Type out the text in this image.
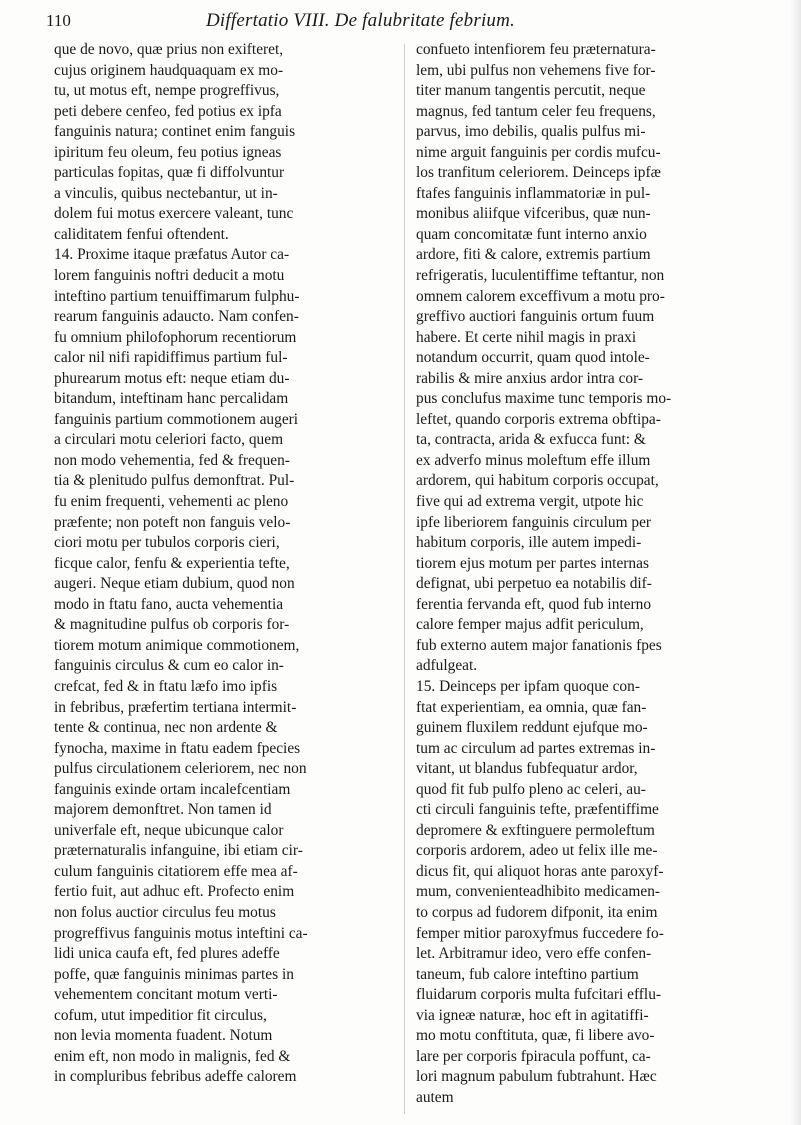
110	Differtatio VIII. De falubritate febrium.
que de novo, quæ prius non exifteret,
cujus originem haudquaquam ex mo-
tu, ut motus eft, nempe progreffivus,
peti debere cenfeo, fed potius ex ipfa
fanguinis natura; continet enim fanguis
ipiritum feu oleum, feu potius igneas
particulas fopitas, quæ fi diffolvuntur
a vinculis, quibus nectebantur, ut in-
dolem fui motus exercere valeant, tunc
caliditatem fenfui oftendent.
14. Proxime itaque præfatus Autor ca-
lorem fanguinis noftri deducit a motu
inteftino partium tenuiffimarum fulphu-
rearum fanguinis adaucto. Nam confen-
fu omnium philofophorum recentiorum
calor nil nifi rapidiffimus partium ful-
phurearum motus eft: neque etiam du-
bitandum, inteftinam hanc percalidam
fanguinis partium commotionem augeri
a circulari motu celeriori facto, quem
non modo vehementia, fed & frequen-
tia & plenitudo pulfus demonftrat. Pul-
fu enim frequenti, vehementi ac pleno
præfente; non poteft non fanguis velo-
ciori motu per tubulos corporis cieri,
ficque calor, fenfu & experientia tefte,
augeri. Neque etiam dubium, quod non
modo in ftatu fano, aucta vehementia
& magnitudine pulfus ob corporis for-
tiorem motum animique commotionem,
fanguinis circulus & cum eo calor in-
crefcat, fed & in ftatu læfo imo ipfis
in febribus, præfertim tertiana intermit-
tente & continua, nec non ardente &
fynocha, maxime in ftatu eadem fpecies
pulfus circulationem celeriorem, nec non
fanguinis exinde ortam incalefcentiam
majorem demonftret. Non tamen id
univerfale eft, neque ubicunque calor
præternaturalis infanguine, ibi etiam cir-
culum fanguinis citatiorem effe mea af-
fertio fuit, aut adhuc eft. Profecto enim
non folus auctior circulus feu motus
progreffivus fanguinis motus inteftini ca-
lidi unica caufa eft, fed plures adeffe
poffe, quæ fanguinis minimas partes in
vehementem concitant motum verti-
cofum, utut impeditior fit circulus,
non levia momenta fuadent. Notum
enim eft, non modo in malignis, fed &
in compluribus febribus adeffe calorem
confueto intenfiorem feu præternatura-
lem, ubi pulfus non vehemens five for-
titer manum tangentis percutit, neque
magnus, fed tantum celer feu frequens,
parvus, imo debilis, qualis pulfus mi-
nime arguit fanguinis per cordis mufcu-
los tranfitum celeriorem. Deinceps ipfæ
ftafes fanguinis inflammatoriæ in pul-
monibus aliifque vifceribus, quæ nun-
quam concomitatæ funt interno anxio
ardore, fiti & calore, extremis partium
refrigeratis, luculentiffime teftantur, non
omnem calorem exceffivum a motu pro-
greffivo auctiori fanguinis ortum fuum
habere. Et certe nihil magis in praxi
notandum occurrit, quam quod intole-
rabilis & mire anxius ardor intra cor-
pus conclufus maxime tunc temporis mo-
leftet, quando corporis extrema obftipa-
ta, contracta, arida & exfucca funt: &
ex adverfo minus moleftum effe illum
ardorem, qui habitum corporis occupat,
five qui ad extrema vergit, utpote hic
ipfe liberiorem fanguinis circulum per
habitum corporis, ille autem impedi-
tiorem ejus motum per partes internas
defignat, ubi perpetuo ea notabilis dif-
ferentia fervanda eft, quod fub interno
calore femper majus adfit periculum,
fub externo autem major fanationis fpes
adfulgeat.
15. Deinceps per ipfam quoque con-
ftat experientiam, ea omnia, quæ fan-
guinem fluxilem reddunt ejufque mo-
tum ac circulum ad partes extremas in-
vitant, ut blandus fubfequatur ardor,
quod fit fub pulfo pleno ac celeri, au-
cti circuli fanguinis tefte, præfentiffime
depromere & exftinguere permoleftum
corporis ardorem, adeo ut felix ille me-
dicus fit, qui aliquot horas ante paroxyf-
mum, convenienteadhibito medicamen-
to corpus ad fudorem difponit, ita enim
femper mitior paroxyfmus fuccedere fo-
let. Arbitramur ideo, vero effe confen-
taneum, fub calore inteftino partium
fluidarum corporis multa fufcitari efflu-
via igneæ naturæ, hoc eft in agitatiffi-
mo motu conftituta, quæ, fi libere avo-
lare per corporis fpiracula poffunt, ca-
lori magnum pabulum fubtrahunt. Hæc
autem
